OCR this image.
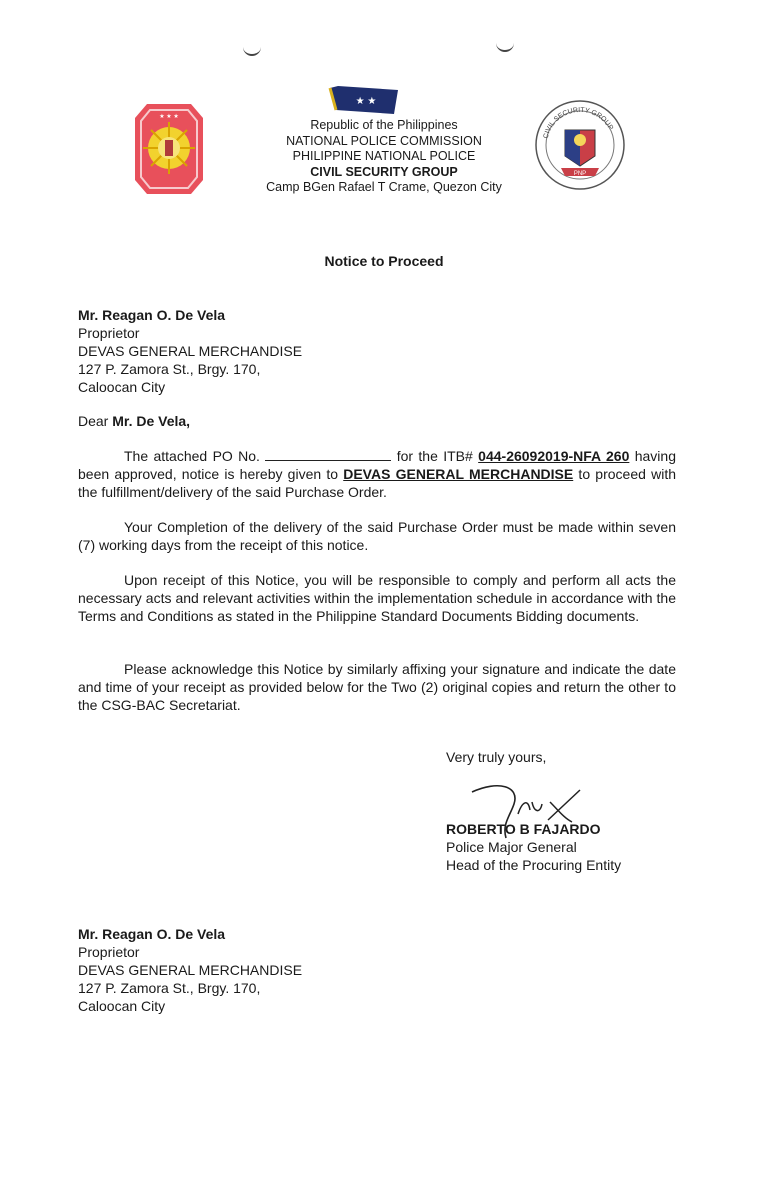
★ ★ ★
★ ★
Republic of the Philippines
NATIONAL POLICE COMMISSION
PHILIPPINE NATIONAL POLICE
CIVIL SECURITY GROUP
Camp BGen Rafael T Crame, Quezon City
CIVIL SECURITY GROUP
PNP
Notice to Proceed
Mr. Reagan O. De Vela
Proprietor
DEVAS GENERAL MERCHANDISE
127 P. Zamora St., Brgy. 170,
Caloocan City
Dear Mr. De Vela,

The attached PO No.	for the ITB# 044-26092019-NFA 260 having been approved, notice is hereby given to DEVAS GENERAL MERCHANDISE to proceed with the fulfillment/delivery of the said Purchase Order.

Your Completion of the delivery of the said Purchase Order must be made within seven (7) working days from the receipt of this notice.

Upon receipt of this Notice, you will be responsible to comply and perform all acts the necessary acts and relevant activities within the implementation schedule in accordance with the Terms and Conditions as stated in the Philippine Standard Documents Bidding documents.

Please acknowledge this Notice by similarly affixing your signature and indicate the date and time of your receipt as provided below for the Two (2) original copies and return the other to the CSG-BAC Secretariat.

Very truly yours,
ROBERTO B FAJARDO
Police Major General
Head of the Procuring Entity
Mr. Reagan O. De Vela
Proprietor
DEVAS GENERAL MERCHANDISE
127 P. Zamora St., Brgy. 170,
Caloocan City
